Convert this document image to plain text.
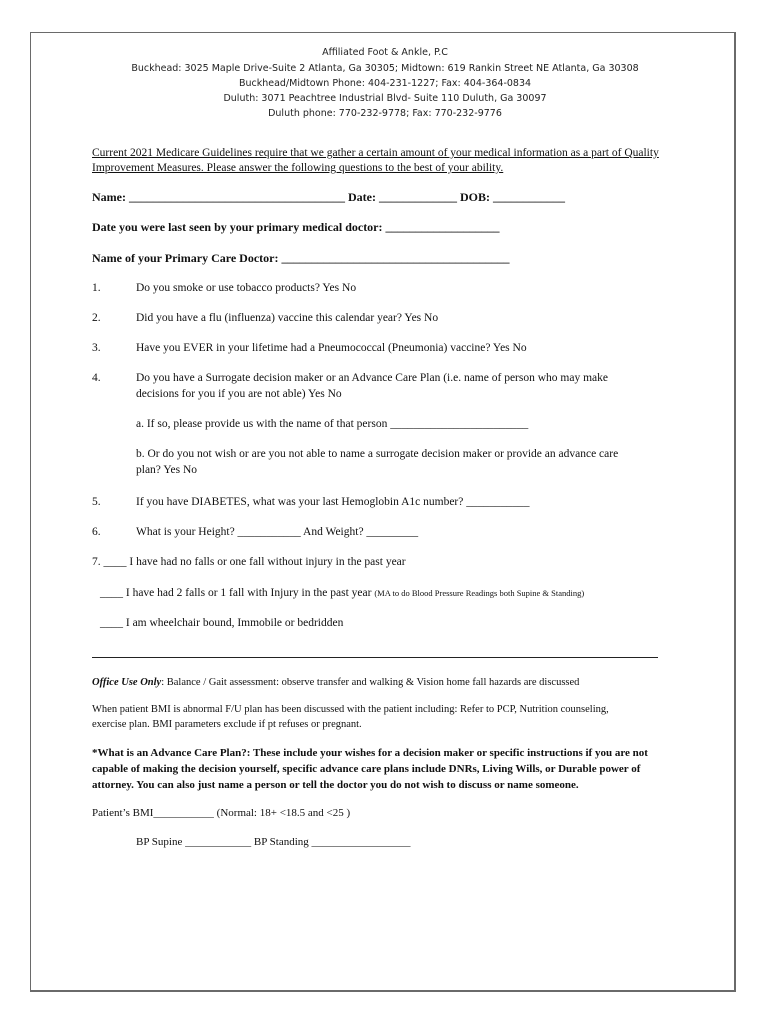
Affiliated Foot & Ankle, P.C
Buckhead: 3025 Maple Drive-Suite 2 Atlanta, Ga 30305; Midtown: 619 Rankin Street NE Atlanta, Ga 30308
Buckhead/Midtown Phone: 404-231-1227; Fax: 404-364-0834
Duluth: 3071 Peachtree Industrial Blvd- Suite 110 Duluth, Ga 30097
Duluth phone: 770-232-9778; Fax: 770-232-9776
Current 2021 Medicare Guidelines require that we gather a certain amount of your medical information as a part of Quality
Improvement Measures. Please answer the following questions to the best of your ability.
Name: ____________________________________ Date: _____________ DOB: ____________
Date you were last seen by your primary medical doctor: ___________________
Name of your Primary Care Doctor: ______________________________________
1.	Do you smoke or use tobacco products? Yes No
2.	Did you have a flu (influenza) vaccine this calendar year? Yes No
3.	Have you EVER in your lifetime had a Pneumococcal (Pneumonia) vaccine? Yes No
4.	Do you have a Surrogate decision maker or an Advance Care Plan (i.e. name of person who may make
decisions for you if you are not able) Yes No
a. If so, please provide us with the name of that person ________________________
b. Or do you not wish or are you not able to name a surrogate decision maker or provide an advance care
plan? Yes No
5.	If you have DIABETES, what was your last Hemoglobin A1c number? ___________
6.	What is your Height? ___________ And Weight? _________
7. ____ I have had no falls or one fall without injury in the past year
____ I have had 2 falls or 1 fall with Injury in the past year (MA to do Blood Pressure Readings both Supine & Standing)
____ I am wheelchair bound, Immobile or bedridden
Office Use Only: Balance / Gait assessment: observe transfer and walking & Vision home fall hazards are discussed
When patient BMI is abnormal F/U plan has been discussed with the patient including: Refer to PCP, Nutrition counseling,
exercise plan. BMI parameters exclude if pt refuses or pregnant.
*What is an Advance Care Plan?: These include your wishes for a decision maker or specific instructions if you are not
capable of making the decision yourself, specific advance care plans include DNRs, Living Wills, or Durable power of
attorney. You can also just name a person or tell the doctor you do not wish to discuss or name someone.
Patient’s BMI___________ (Normal: 18+ <18.5 and <25 )
BP Supine ____________ BP Standing __________________
